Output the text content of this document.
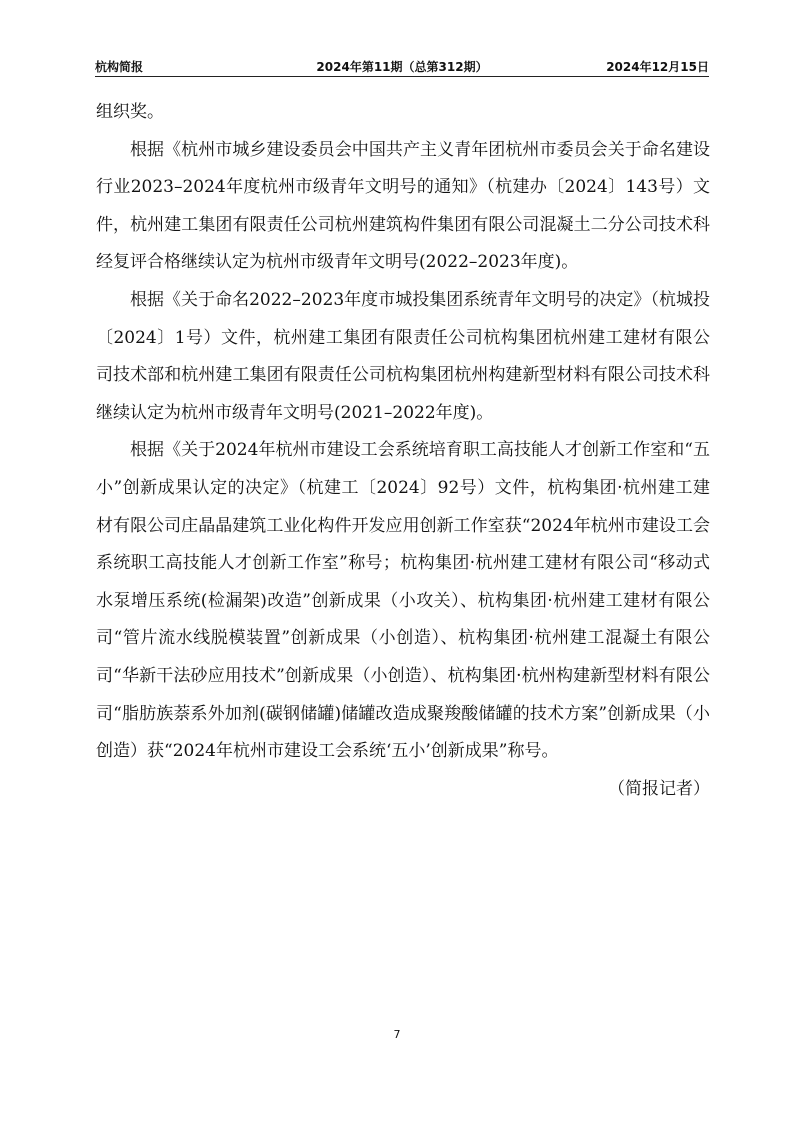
杭构简报	2024年第11期（总第312期）	2024年12月15日

组织奖。

根据《杭州市城乡建设委员会中国共产主义青年团杭州市委员会关于命名建设行业2023–2024年度杭州市级青年文明号的通知》（杭建办〔2024〕143号）文件，杭州建工集团有限责任公司杭州建筑构件集团有限公司混凝土二分公司技术科经复评合格继续认定为杭州市级青年文明号(2022–2023年度)。

根据《关于命名2022–2023年度市城投集团系统青年文明号的决定》（杭城投〔2024〕1号）文件，杭州建工集团有限责任公司杭构集团杭州建工建材有限公司技术部和杭州建工集团有限责任公司杭构集团杭州构建新型材料有限公司技术科继续认定为杭州市级青年文明号(2021–2022年度)。

根据《关于2024年杭州市建设工会系统培育职工高技能人才创新工作室和“五小”创新成果认定的决定》（杭建工〔2024〕92号）文件，杭构集团·杭州建工建材有限公司庄晶晶建筑工业化构件开发应用创新工作室获“2024年杭州市建设工会系统职工高技能人才创新工作室”称号；杭构集团·杭州建工建材有限公司“移动式水泵增压系统(检漏架)改造”创新成果（小攻关）、杭构集团·杭州建工建材有限公司“管片流水线脱模装置”创新成果（小创造）、杭构集团·杭州建工混凝土有限公司“华新干法砂应用技术”创新成果（小创造）、杭构集团·杭州构建新型材料有限公司“脂肪族萘系外加剂(碳钢储罐)储罐改造成聚羧酸储罐的技术方案”创新成果（小创造）获“2024年杭州市建设工会系统‘五小’创新成果”称号。

（简报记者）

7
